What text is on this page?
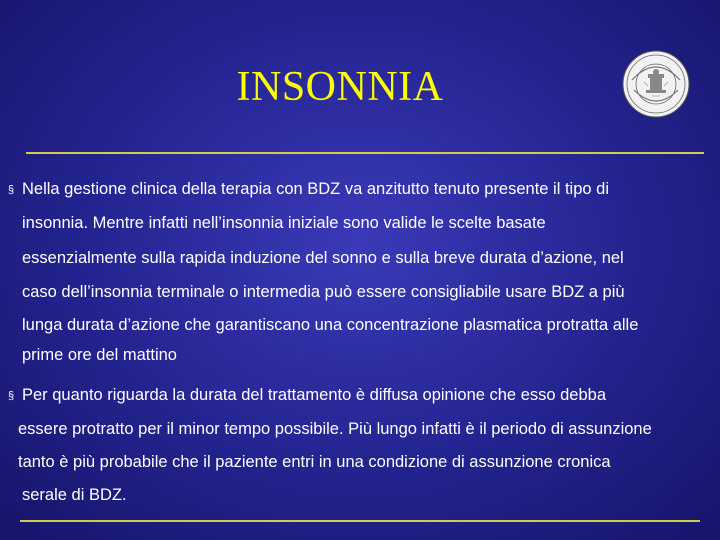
INSONNIA
§ Nella gestione clinica della terapia con BDZ va anzitutto tenuto presente il tipo di
insonnia. Mentre infatti nell’insonnia iniziale sono valide le scelte basate
essenzialmente sulla rapida induzione del sonno e sulla breve durata d’azione, nel
caso dell’insonnia terminale o intermedia può essere consigliabile usare BDZ a più
lunga durata d’azione che garantiscano una concentrazione plasmatica protratta alle
prime ore del mattino
§ Per quanto riguarda la durata del trattamento è diffusa opinione che esso debba
essere protratto per il minor tempo possibile. Più lungo infatti è il periodo di assunzione
tanto è più probabile che il paziente entri in una condizione di assunzione cronica
serale di BDZ.
